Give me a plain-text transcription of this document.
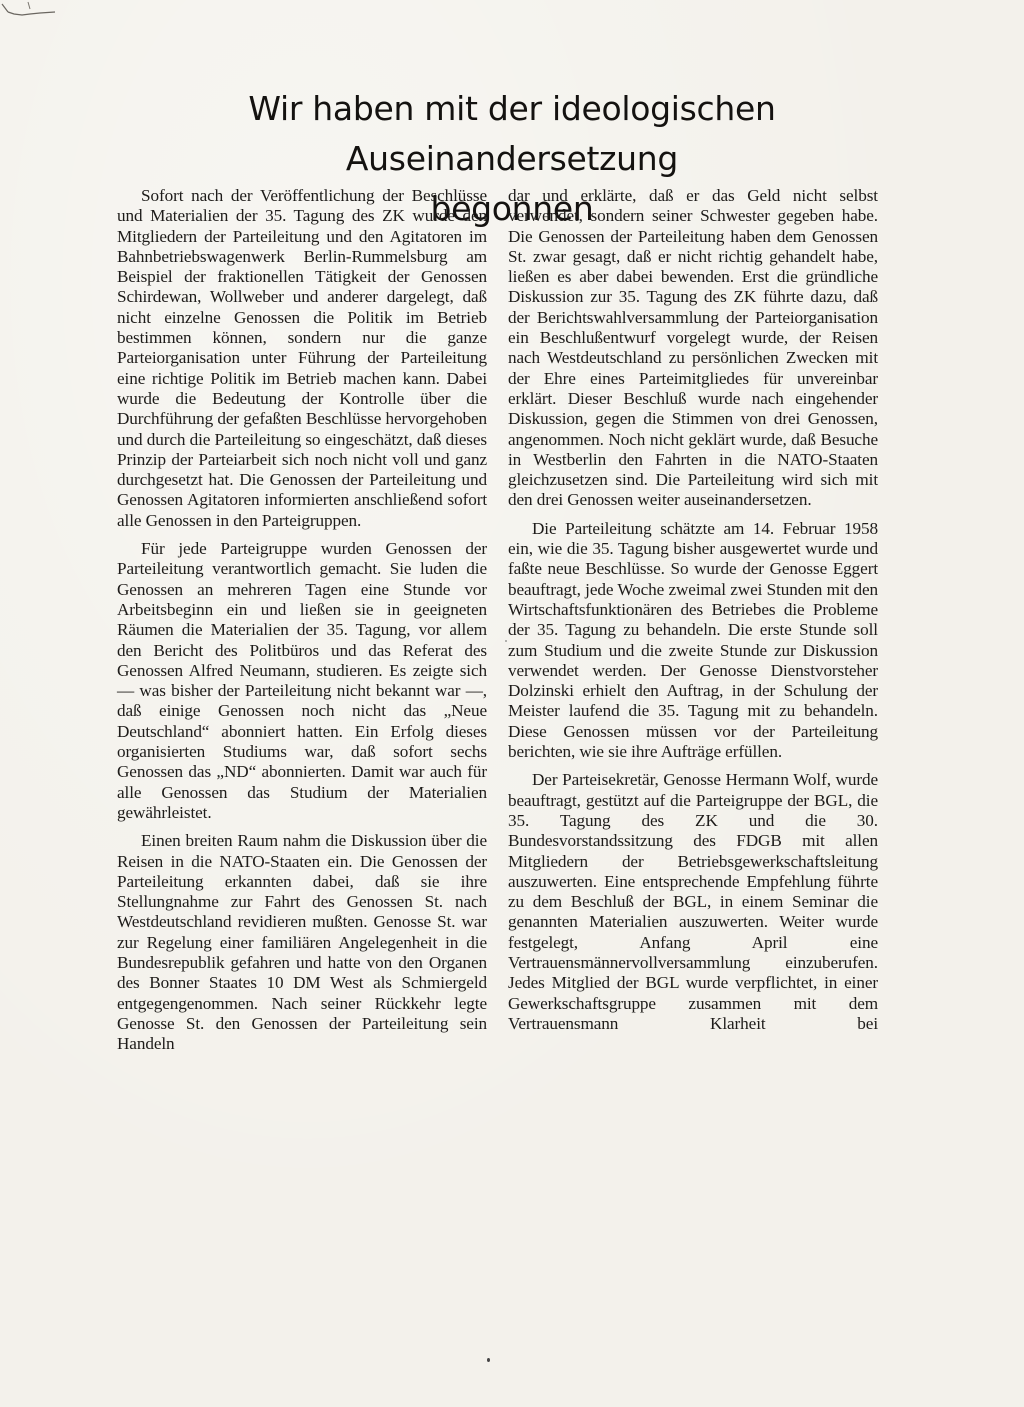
Wir haben mit der ideologischen Auseinandersetzung
begonnen

Sofort nach der Veröffentlichung der Beschlüsse und Materialien der 35. Tagung des ZK wurde den Mitgliedern der Parteileitung und den Agitatoren im Bahnbetriebswagenwerk Berlin-Rummelsburg am Beispiel der fraktionellen Tätigkeit der Genossen Schirdewan, Wollweber und anderer dargelegt, daß nicht einzelne Genossen die Politik im Betrieb bestimmen können, sondern nur die ganze Parteiorganisation unter Führung der Parteileitung eine richtige Politik im Betrieb machen kann. Dabei wurde die Bedeutung der Kontrolle über die Durchführung der gefaßten Beschlüsse hervorgehoben und durch die Parteileitung so eingeschätzt, daß dieses Prinzip der Parteiarbeit sich noch nicht voll und ganz durchgesetzt hat. Die Genossen der Parteileitung und Genossen Agitatoren informierten anschließend sofort alle Genossen in den Parteigruppen.

Für jede Parteigruppe wurden Genossen der Parteileitung verantwortlich gemacht. Sie luden die Genossen an mehreren Tagen eine Stunde vor Arbeitsbeginn ein und ließen sie in geeigneten Räumen die Materialien der 35. Tagung, vor allem den Bericht des Politbüros und das Referat des Genossen Alfred Neumann, studieren. Es zeigte sich — was bisher der Parteileitung nicht bekannt war —, daß einige Genossen noch nicht das „Neue Deutschland“ abonniert hatten. Ein Erfolg dieses organisierten Studiums war, daß sofort sechs Genossen das „ND“ abonnierten. Damit war auch für alle Genossen das Studium der Materialien gewährleistet.

Einen breiten Raum nahm die Diskussion über die Reisen in die NATO-Staaten ein. Die Genossen der Parteileitung erkannten dabei, daß sie ihre Stellungnahme zur Fahrt des Genossen St. nach Westdeutschland revidieren mußten. Genosse St. war zur Regelung einer familiären Angelegenheit in die Bundesrepublik gefahren und hatte von den Organen des Bonner Staates 10 DM West als Schmiergeld entgegengenommen. Nach seiner Rückkehr legte Genosse St. den Genossen der Parteileitung sein Handeln

dar und erklärte, daß er das Geld nicht selbst verwendet, sondern seiner Schwester gegeben habe. Die Genossen der Parteileitung haben dem Genossen St. zwar gesagt, daß er nicht richtig gehandelt habe, ließen es aber dabei bewenden. Erst die gründliche Diskussion zur 35. Tagung des ZK führte dazu, daß der Berichtswahlversammlung der Parteiorganisation ein Beschlußentwurf vorgelegt wurde, der Reisen nach Westdeutschland zu persönlichen Zwecken mit der Ehre eines Parteimitgliedes für unvereinbar erklärt. Dieser Beschluß wurde nach eingehender Diskussion, gegen die Stimmen von drei Genossen, angenommen. Noch nicht geklärt wurde, daß Besuche in Westberlin den Fahrten in die NATO-Staaten gleichzusetzen sind. Die Parteileitung wird sich mit den drei Genossen weiter auseinandersetzen.

Die Parteileitung schätzte am 14. Februar 1958 ein, wie die 35. Tagung bisher ausgewertet wurde und faßte neue Beschlüsse. So wurde der Genosse Eggert beauftragt, jede Woche zweimal zwei Stunden mit den Wirtschaftsfunktionären des Betriebes die Probleme der 35. Tagung zu behandeln. Die erste Stunde soll zum Studium und die zweite Stunde zur Diskussion verwendet werden. Der Genosse Dienstvorsteher Dolzinski erhielt den Auftrag, in der Schulung der Meister laufend die 35. Tagung mit zu behandeln. Diese Genossen müssen vor der Parteileitung berichten, wie sie ihre Aufträge erfüllen.

Der Parteisekretär, Genosse Hermann Wolf, wurde beauftragt, gestützt auf die Parteigruppe der BGL, die 35. Tagung des ZK und die 30. Bundesvorstandssitzung des FDGB mit allen Mitgliedern der Betriebsgewerkschaftsleitung auszuwerten. Eine entsprechende Empfehlung führte zu dem Beschluß der BGL, in einem Seminar die genannten Materialien auszuwerten. Weiter wurde festgelegt, Anfang April eine Vertrauensmännervollversammlung einzuberufen. Jedes Mitglied der BGL wurde verpflichtet, in einer Gewerkschaftsgruppe zusammen mit dem Vertrauensmann Klarheit bei
